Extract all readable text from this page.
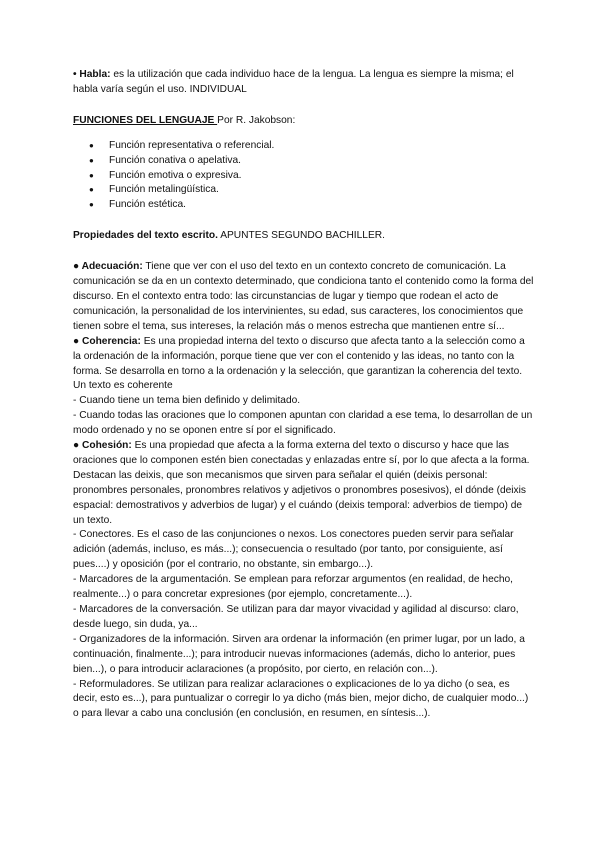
• Habla: es la utilización que cada individuo hace de la lengua. La lengua es siempre la misma; el habla varía según el uso. INDIVIDUAL

FUNCIONES DEL LENGUAJE Por R. Jakobson:

● Función representativa o referencial.
● Función conativa o apelativa.
● Función emotiva o expresiva.
● Función metalingüística.
● Función estética.

Propiedades del texto escrito. APUNTES SEGUNDO BACHILLER.

● Adecuación: Tiene que ver con el uso del texto en un contexto concreto de comunicación. La comunicación se da en un contexto determinado, que condiciona tanto el contenido como la forma del discurso. En el contexto entra todo: las circunstancias de lugar y tiempo que rodean el acto de comunicación, la personalidad de los intervinientes, su edad, sus caracteres, los conocimientos que tienen sobre el tema, sus intereses, la relación más o menos estrecha que mantienen entre sí...

● Coherencia: Es una propiedad interna del texto o discurso que afecta tanto a la selección como a la ordenación de la información, porque tiene que ver con el contenido y las ideas, no tanto con la forma. Se desarrolla en torno a la ordenación y la selección, que garantizan la coherencia del texto. Un texto es coherente

- Cuando tiene un tema bien definido y delimitado.

- Cuando todas las oraciones que lo componen apuntan con claridad a ese tema, lo desarrollan de un modo ordenado y no se oponen entre sí por el significado.

● Cohesión: Es una propiedad que afecta a la forma externa del texto o discurso y hace que las oraciones que lo componen estén bien conectadas y enlazadas entre sí, por lo que afecta a la forma. Destacan las deixis, que son mecanismos que sirven para señalar el quién (deixis personal: pronombres personales, pronombres relativos y adjetivos o pronombres posesivos), el dónde (deixis espacial: demostrativos y adverbios de lugar) y el cuándo (deixis temporal: adverbios de tiempo) de un texto.

- Conectores. Es el caso de las conjunciones o nexos. Los conectores pueden servir para señalar adición (además, incluso, es más...); consecuencia o resultado (por tanto, por consiguiente, así pues....) y oposición (por el contrario, no obstante, sin embargo...).

- Marcadores de la argumentación. Se emplean para reforzar argumentos (en realidad, de hecho, realmente...) o para concretar expresiones (por ejemplo, concretamente...).

- Marcadores de la conversación. Se utilizan para dar mayor vivacidad y agilidad al discurso: claro, desde luego, sin duda, ya...

- Organizadores de la información. Sirven ara ordenar la información (en primer lugar, por un lado, a continuación, finalmente...); para introducir nuevas informaciones (además, dicho lo anterior, pues bien...), o para introducir aclaraciones (a propósito, por cierto, en relación con...).

- Reformuladores. Se utilizan para realizar aclaraciones o explicaciones de lo ya dicho (o sea, es decir, esto es...), para puntualizar o corregir lo ya dicho (más bien, mejor dicho, de cualquier modo...) o para llevar a cabo una conclusión (en conclusión, en resumen, en síntesis...).
